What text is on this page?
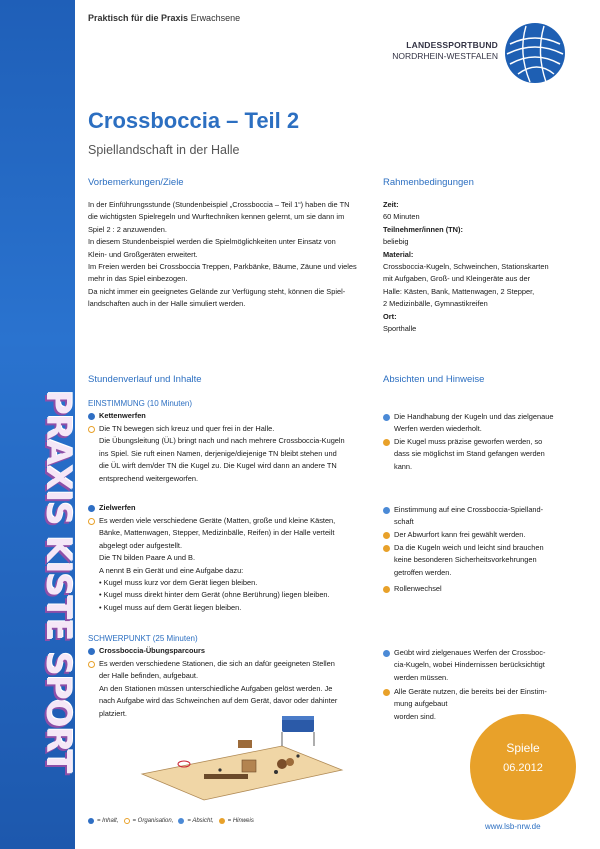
PRAXIS KISTE SPORT
Praktisch für die Praxis Erwachsene
LANDESSPORTBUND
NORDRHEIN-WESTFALEN
Crossboccia – Teil 2
Spiellandschaft in der Halle
Vorbemerkungen/Ziele

In der Einführungsstunde (Stundenbeispiel „Crossboccia – Teil 1“) haben die TN

die wichtigsten Spielregeln und Wurftechniken kennen gelernt, um sie dann im

Spiel 2 : 2 anzuwenden.

In diesem Stundenbeispiel werden die Spielmöglichkeiten unter Einsatz von

Klein- und Großgeräten erweitert.

Im Freien werden bei Crossboccia Treppen, Parkbänke, Bäume, Zäune und vieles

mehr in das Spiel einbezogen.

Da nicht immer ein geeignetes Gelände zur Verfügung steht, können die Spiel-

landschaften auch in der Halle simuliert werden.

Rahmenbedingungen

Zeit:

60 Minuten

Teilnehmer/innen (TN):

beliebig

Material:

Crossboccia-Kugeln, Schweinchen, Stationskarten

mit Aufgaben, Groß- und Kleingeräte aus der

Halle: Kästen, Bank, Mattenwagen, 2 Stepper,

2 Medizinbälle, Gymnastikreifen

Ort:

Sporthalle

Stundenverlauf und Inhalte
EINSTIMMUNG (10 Minuten)
Kettenwerfen
Die TN bewegen sich kreuz und quer frei in der Halle.

Die Übungsleitung (ÜL) bringt nach und nach mehrere Crossboccia-Kugeln

ins Spiel. Sie ruft einen Namen, derjenige/diejenige TN bleibt stehen und

die ÜL wirft dem/der TN die Kugel zu. Die Kugel wird dann an andere TN

entsprechend weitergeworfen.

Zielwerfen
Es werden viele verschiedene Geräte (Matten, große und kleine Kästen,

Bänke, Mattenwagen, Stepper, Medizinbälle, Reifen) in der Halle verteilt

abgelegt oder aufgestellt.

Die TN bilden Paare A und B.

A nennt B ein Gerät und eine Aufgabe dazu:

• Kugel muss kurz vor dem Gerät liegen bleiben.

• Kugel muss direkt hinter dem Gerät (ohne Berührung) liegen bleiben.

• Kugel muss auf dem Gerät liegen bleiben.

SCHWERPUNKT (25 Minuten)
Crossboccia-Übungsparcours
Es werden verschiedene Stationen, die sich an dafür geeigneten Stellen

der Halle befinden, aufgebaut.

An den Stationen müssen unterschiedliche Aufgaben gelöst werden. Je

nach Aufgabe wird das Schweinchen auf dem Gerät, davor oder dahinter

platziert.

Absichten und Hinweise
Die Handhabung der Kugeln und das zielgenaue

Werfen werden wiederholt.

Die Kugel muss präzise geworfen werden, so

dass sie möglichst im Stand gefangen werden

kann.

Einstimmung auf eine Crossboccia-Spielland-

schaft

Der Abwurfort kann frei gewählt werden.
Da die Kugeln weich und leicht sind brauchen

keine besonderen Sicherheitsvorkehrungen

getroffen werden.

Rollenwechsel
Geübt wird zielgenaues Werfen der Crossboc-

cia-Kugeln, wobei Hindernissen berücksichtigt

werden müssen.

Alle Geräte nutzen, die bereits bei der Einstim-

mung aufgebaut

worden sind.

Spiele
06.2012
= Inhalt, = Organisation, = Absicht, = Hinweis
www.lsb-nrw.de
